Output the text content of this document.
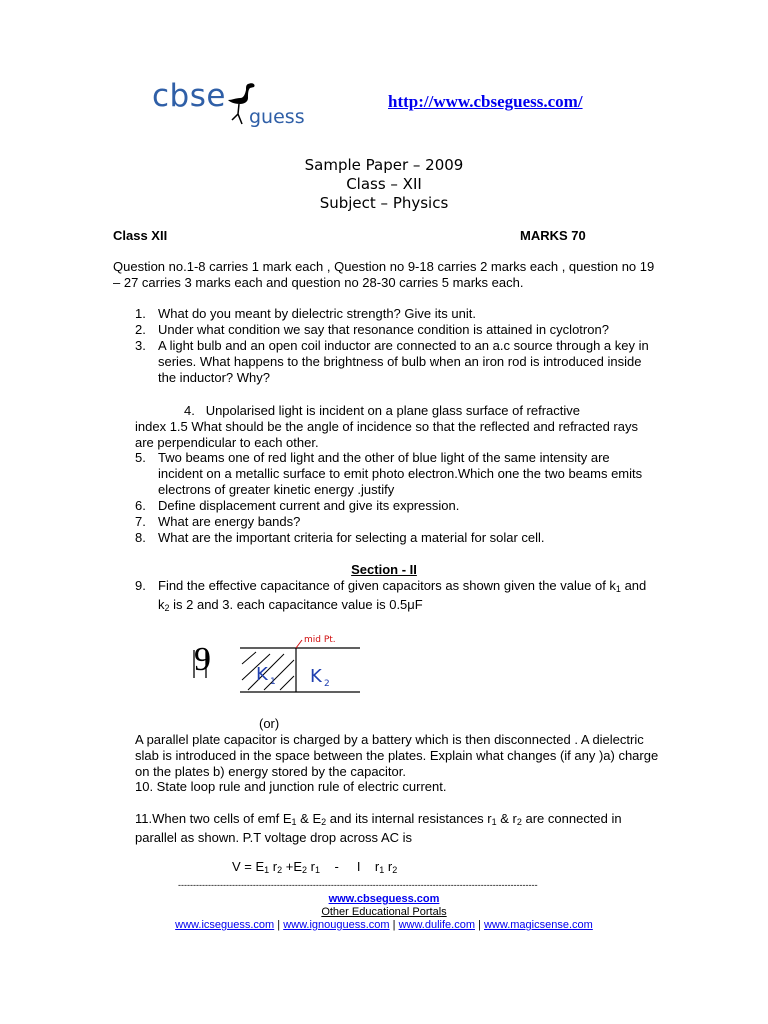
cbse
guess
http://www.cbseguess.com/
Sample Paper – 2009
Class – XII
Subject – Physics
Class XII	MARKS 70
Question no.1-8 carries 1 mark each , Question no 9-18 carries 2 marks each , question no 19 – 27 carries 3 marks each and question no 28-30 carries 5 marks each.
1. What do you meant by dielectric strength? Give its unit.
2. Under what condition we say that resonance condition is attained in cyclotron?
3. A light bulb and an open coil inductor are connected to an a.c source through a key in series. What happens to the brightness of bulb when an iron rod is introduced inside the inductor? Why?
4. Unpolarised light is incident on a plane glass surface of refractive
index 1.5 What should be the angle of incidence so that the reflected and refracted rays are perpendicular to each other.
5. Two beams one of red light and the other of blue light of the same intensity are incident on a metallic surface to emit photo electron.Which one the two beams emits electrons of greater kinetic energy .justify
6. Define displacement current and give its expression.
7. What are energy bands?
8. What are the important criteria for selecting a material for solar cell.
Section - II
9. Find the effective capacitance of given capacitors as shown given the value of $k_1$ and $k_2$ is 2 and 3. each capacitance value is 0.5μF
9	K 1 K 2
mid Pt.
(or)
A parallel plate capacitor is charged by a battery which is then disconnected . A dielectric slab is introduced in the space between the plates. Explain what changes (if any )a) charge on the plates b) energy stored by the capacitor.
10. State loop rule and junction rule of electric current.
11.When two cells of emf $E_1$ & $E_2$ and its internal resistances $r_1$ & $r_2$ are connected in parallel as shown. P.T voltage drop across AC is
$V = E_1$ $r_2 +E_2$ $r_1$    -     I    $r_1$ $r_2$
------------------------------------------------------------------------------------------------------------------------
www.cbseguess.com
Other Educational Portals
www.icseguess.com | www.ignouguess.com | www.dulife.com | www.magicsense.com
